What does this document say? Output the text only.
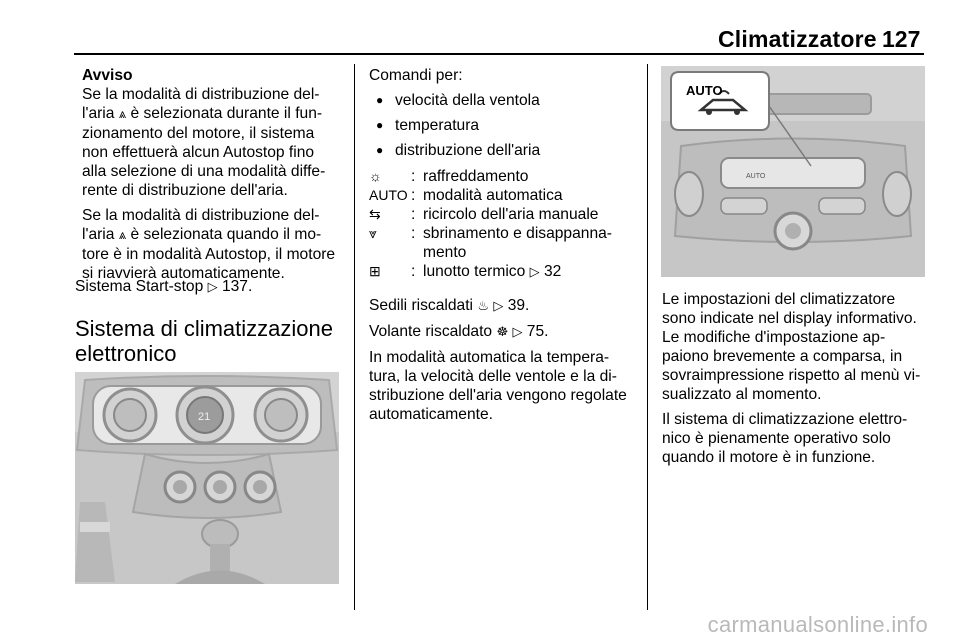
Climatizzatore 127

Avviso

Se la modalità di distribuzione del-

l'aria ⩓ è selezionata durante il fun-

zionamento del motore, il sistema

non effettuerà alcun Autostop fino

alla selezione di una modalità diffe-

rente di distribuzione dell'aria.

Se la modalità di distribuzione del-

l'aria ⩓ è selezionata quando il mo-

tore è in modalità Autostop, il motore

si riavvierà automaticamente.

Sistema Start-stop ▷ 137.
Sistema di climatizzazione
elettronico
21

Comandi per:

● velocità della ventola
● temperatura
● distribuzione dell'aria
☼	: raffreddamento
AUTO : modalità automatica
⇆	: ricircolo dell'aria manuale
⩔	: sbrinamento e disappanna-
mento
⊞	: lunotto termico ▷ 32

Sedili riscaldati ♨ ▷ 39.

Volante riscaldato ☸ ▷ 75.

In modalità automatica la tempera-
tura, la velocità delle ventole e la di-
stribuzione dell'aria vengono regolate
automaticamente.

AUTO
AUTO

Le impostazioni del climatizzatore
sono indicate nel display informativo.
Le modifiche d'impostazione ap-
paiono brevemente a comparsa, in
sovraimpressione rispetto al menù vi-
sualizzato al momento.

Il sistema di climatizzazione elettro-
nico è pienamente operativo solo
quando il motore è in funzione.

carmanualsonline.info
